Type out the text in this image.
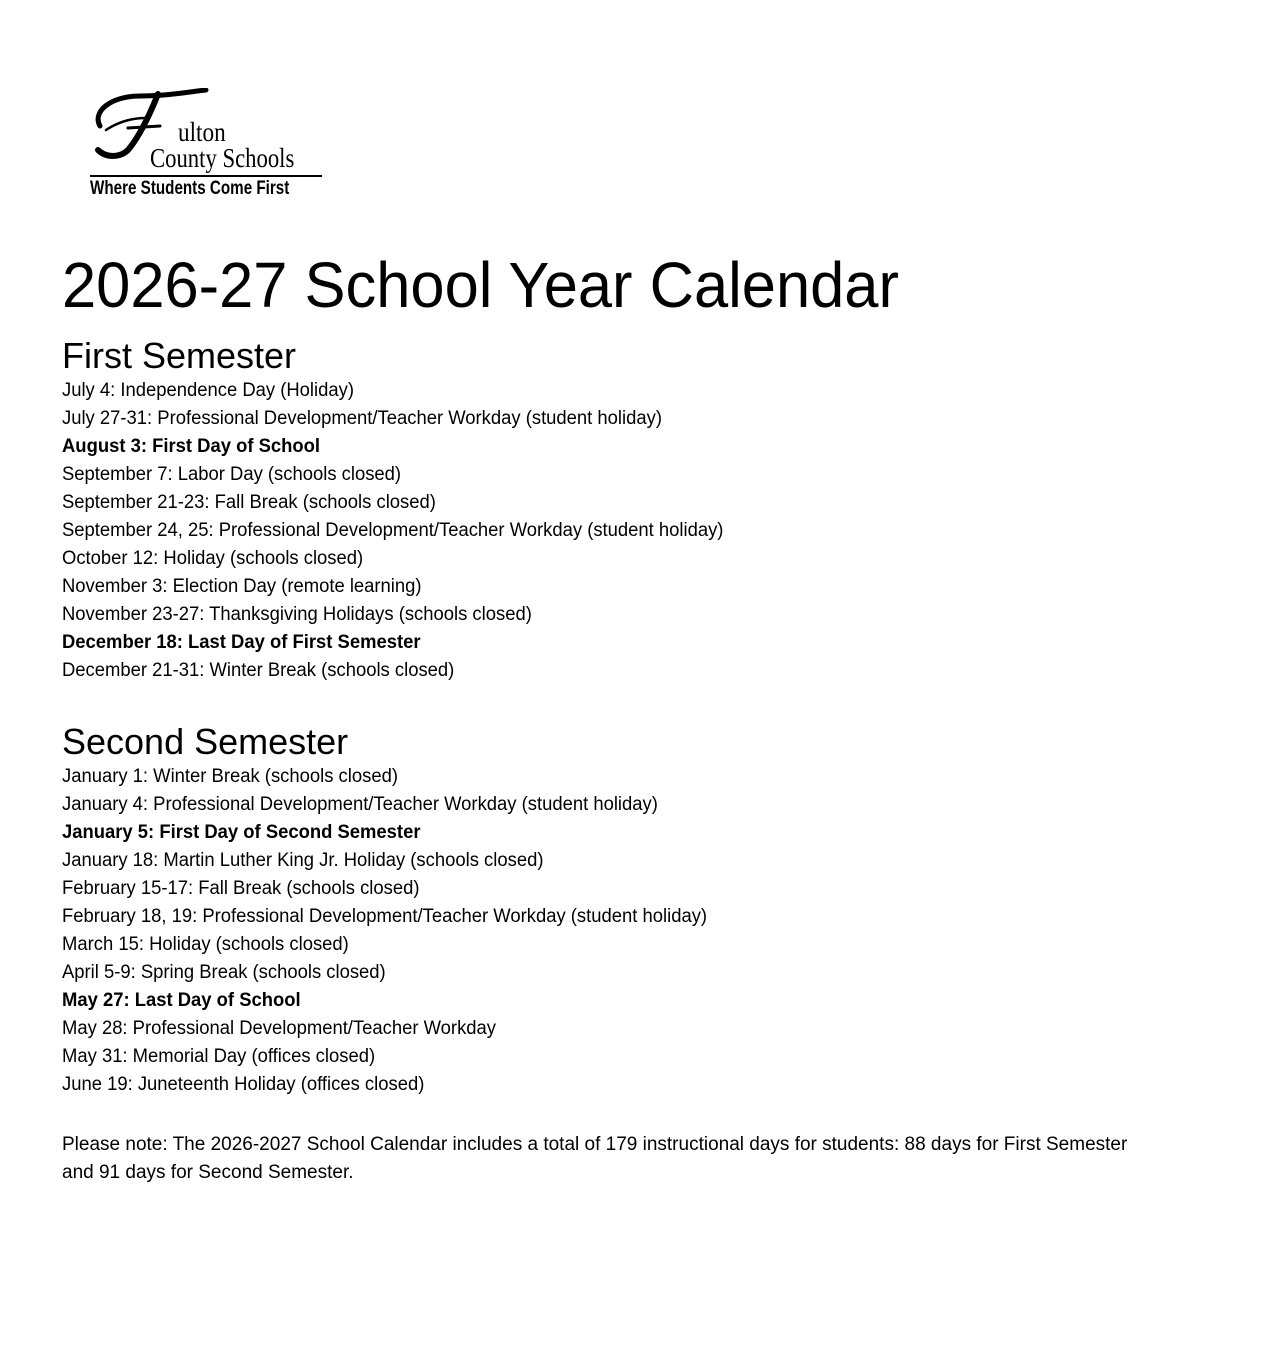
ulton
County Schools
Where Students Come First
2026-27 School Year Calendar
First Semester
July 4: Independence Day (Holiday)
July 27-31: Professional Development/Teacher Workday (student holiday)
August 3: First Day of School
September 7: Labor Day (schools closed)
September 21-23: Fall Break (schools closed)
September 24, 25: Professional Development/Teacher Workday (student holiday)
October 12: Holiday (schools closed)
November 3: Election Day (remote learning)
November 23-27: Thanksgiving Holidays (schools closed)
December 18: Last Day of First Semester
December 21-31: Winter Break (schools closed)
Second Semester
January 1: Winter Break (schools closed)
January 4: Professional Development/Teacher Workday (student holiday)
January 5: First Day of Second Semester
January 18: Martin Luther King Jr. Holiday (schools closed)
February 15-17: Fall Break (schools closed)
February 18, 19: Professional Development/Teacher Workday (student holiday)
March 15: Holiday (schools closed)
April 5-9: Spring Break (schools closed)
May 27: Last Day of School
May 28: Professional Development/Teacher Workday
May 31: Memorial Day (offices closed)
June 19: Juneteenth Holiday (offices closed)

Please note: The 2026-2027 School Calendar includes a total of 179 instructional days for students: 88 days for First Semester and 91 days for Second Semester.
